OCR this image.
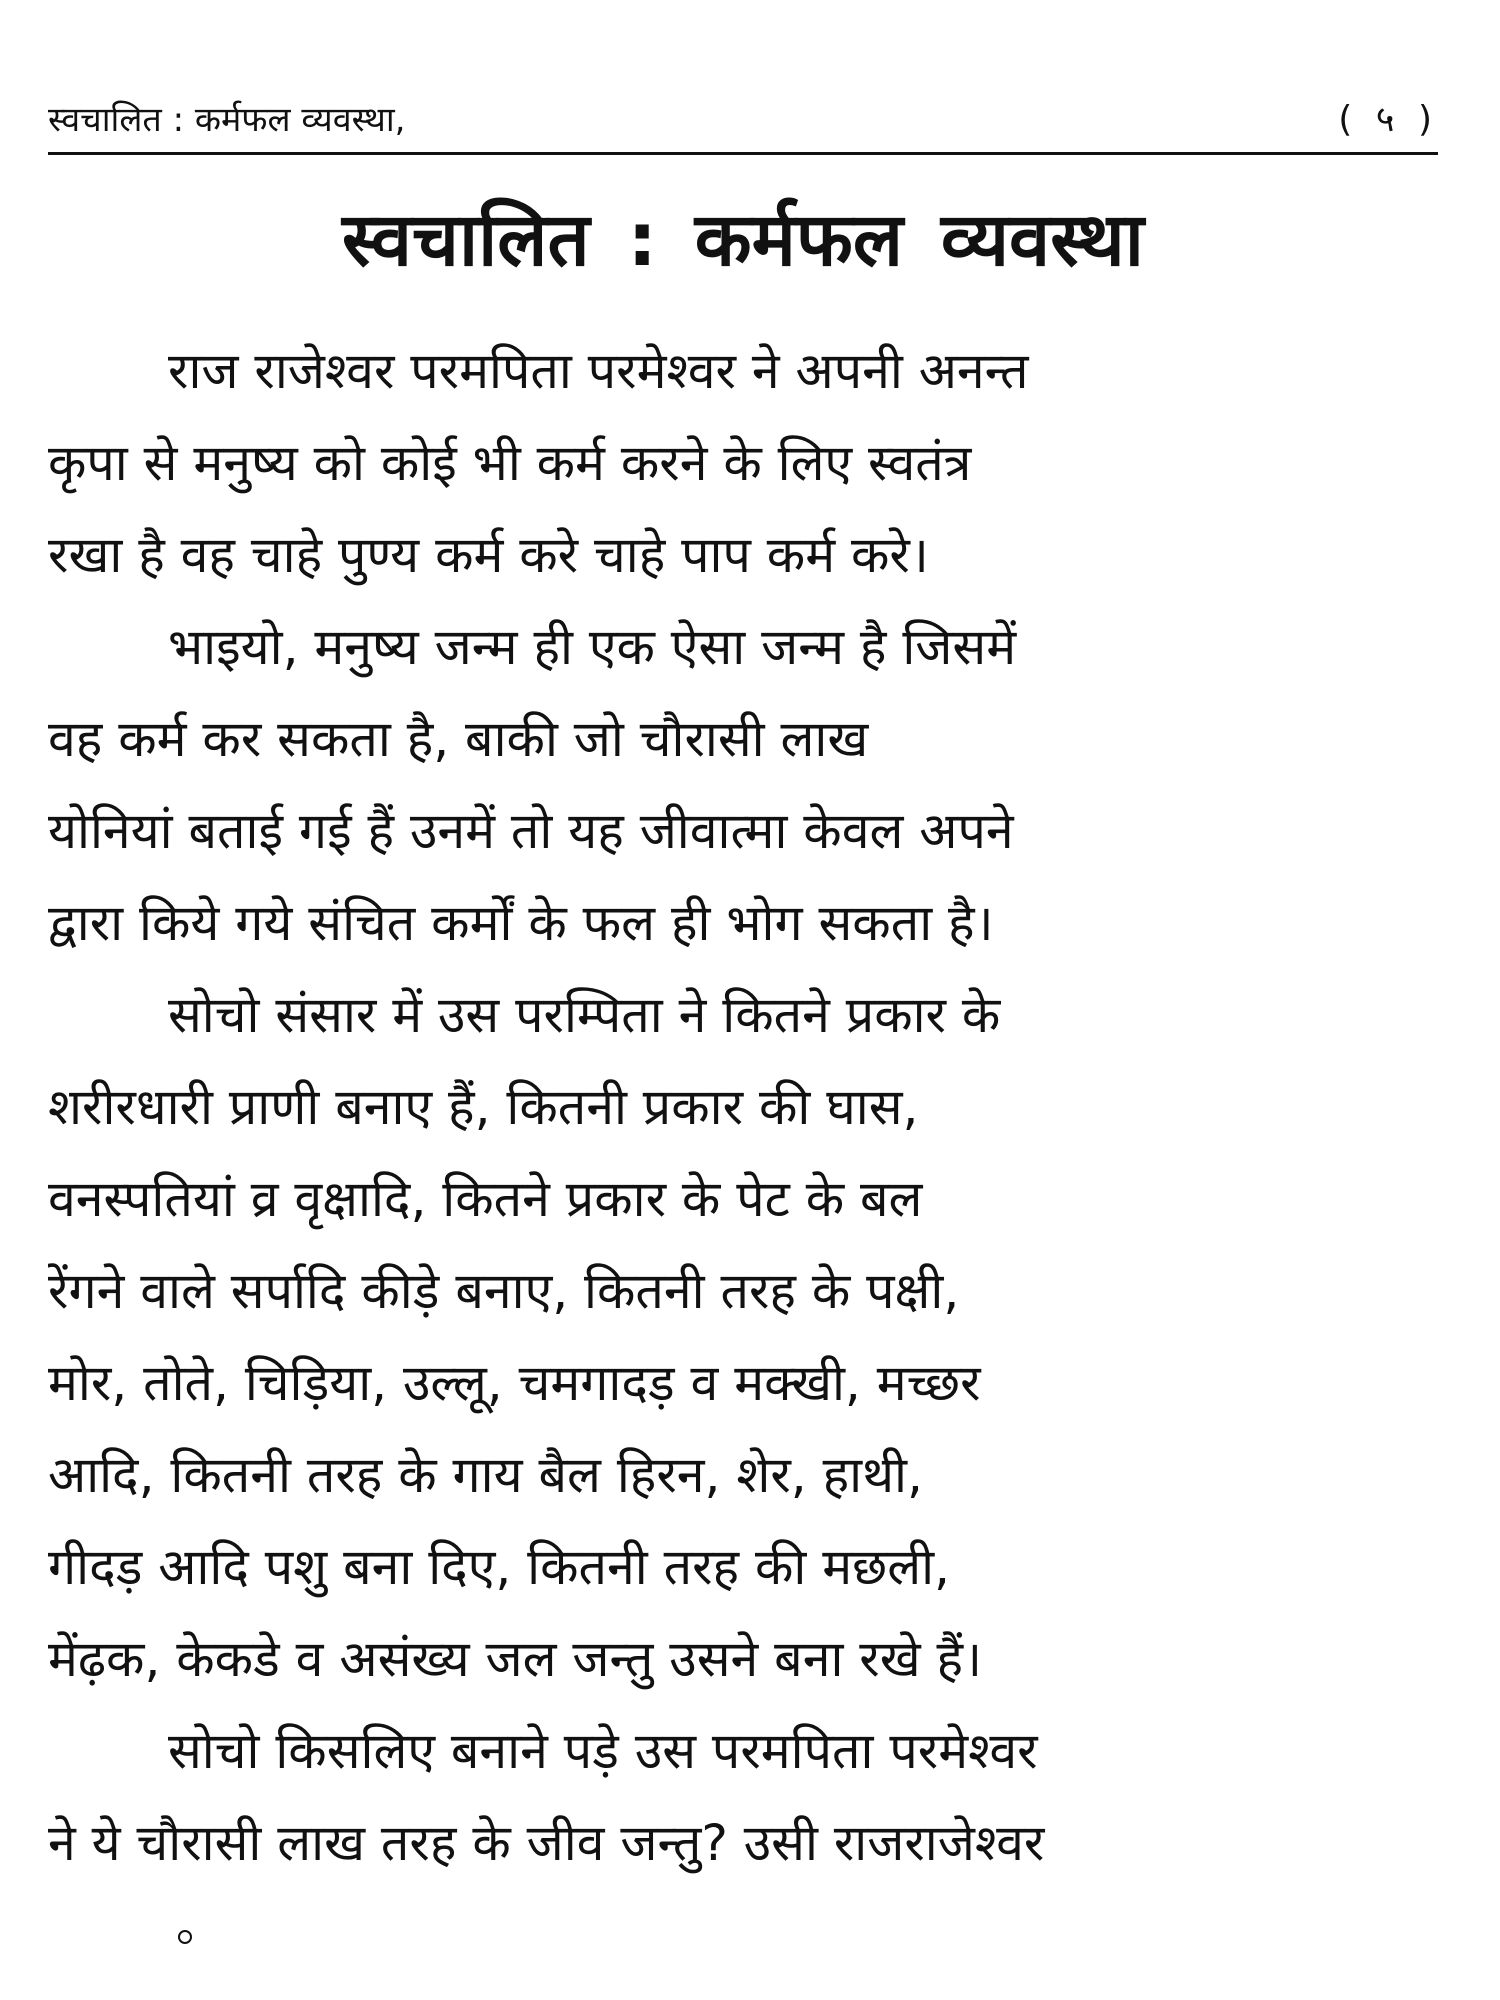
स्वचालित : कर्मफल व्यवस्था,	( ५ )
स्वचालित : कर्मफल व्यवस्था
राज राजेश्वर परमपिता परमेश्वर ने अपनी अनन्त
कृपा से मनुष्य को कोई भी कर्म करने के लिए स्वतंत्र
रखा है वह चाहे पुण्य कर्म करे चाहे पाप कर्म करे।
भाइयो, मनुष्य जन्म ही एक ऐसा जन्म है जिसमें
वह कर्म कर सकता है, बाकी जो चौरासी लाख
योनियां बताई गई हैं उनमें तो यह जीवात्मा केवल अपने
द्वारा किये गये संचित कर्मों के फल ही भोग सकता है।
सोचो संसार में उस परम्पिता ने कितने प्रकार के
शरीरधारी प्राणी बनाए हैं, कितनी प्रकार की घास,
वनस्पतियां व्र वृक्षादि, कितने प्रकार के पेट के बल
रेंगने वाले सर्पादि कीड़े बनाए, कितनी तरह के पक्षी,
मोर, तोते, चिड़िया, उल्लू, चमगादड़ व मक्खी, मच्छर
आदि, कितनी तरह के गाय बैल हिरन, शेर, हाथी,
गीदड़ आदि पशु बना दिए, कितनी तरह की मछली,
मेंढ़क, केकडे व असंख्य जल जन्तु उसने बना रखे हैं।
सोचो किसलिए बनाने पड़े उस परमपिता परमेश्वर
ने ये चौरासी लाख तरह के जीव जन्तु? उसी राजराजेश्वर
